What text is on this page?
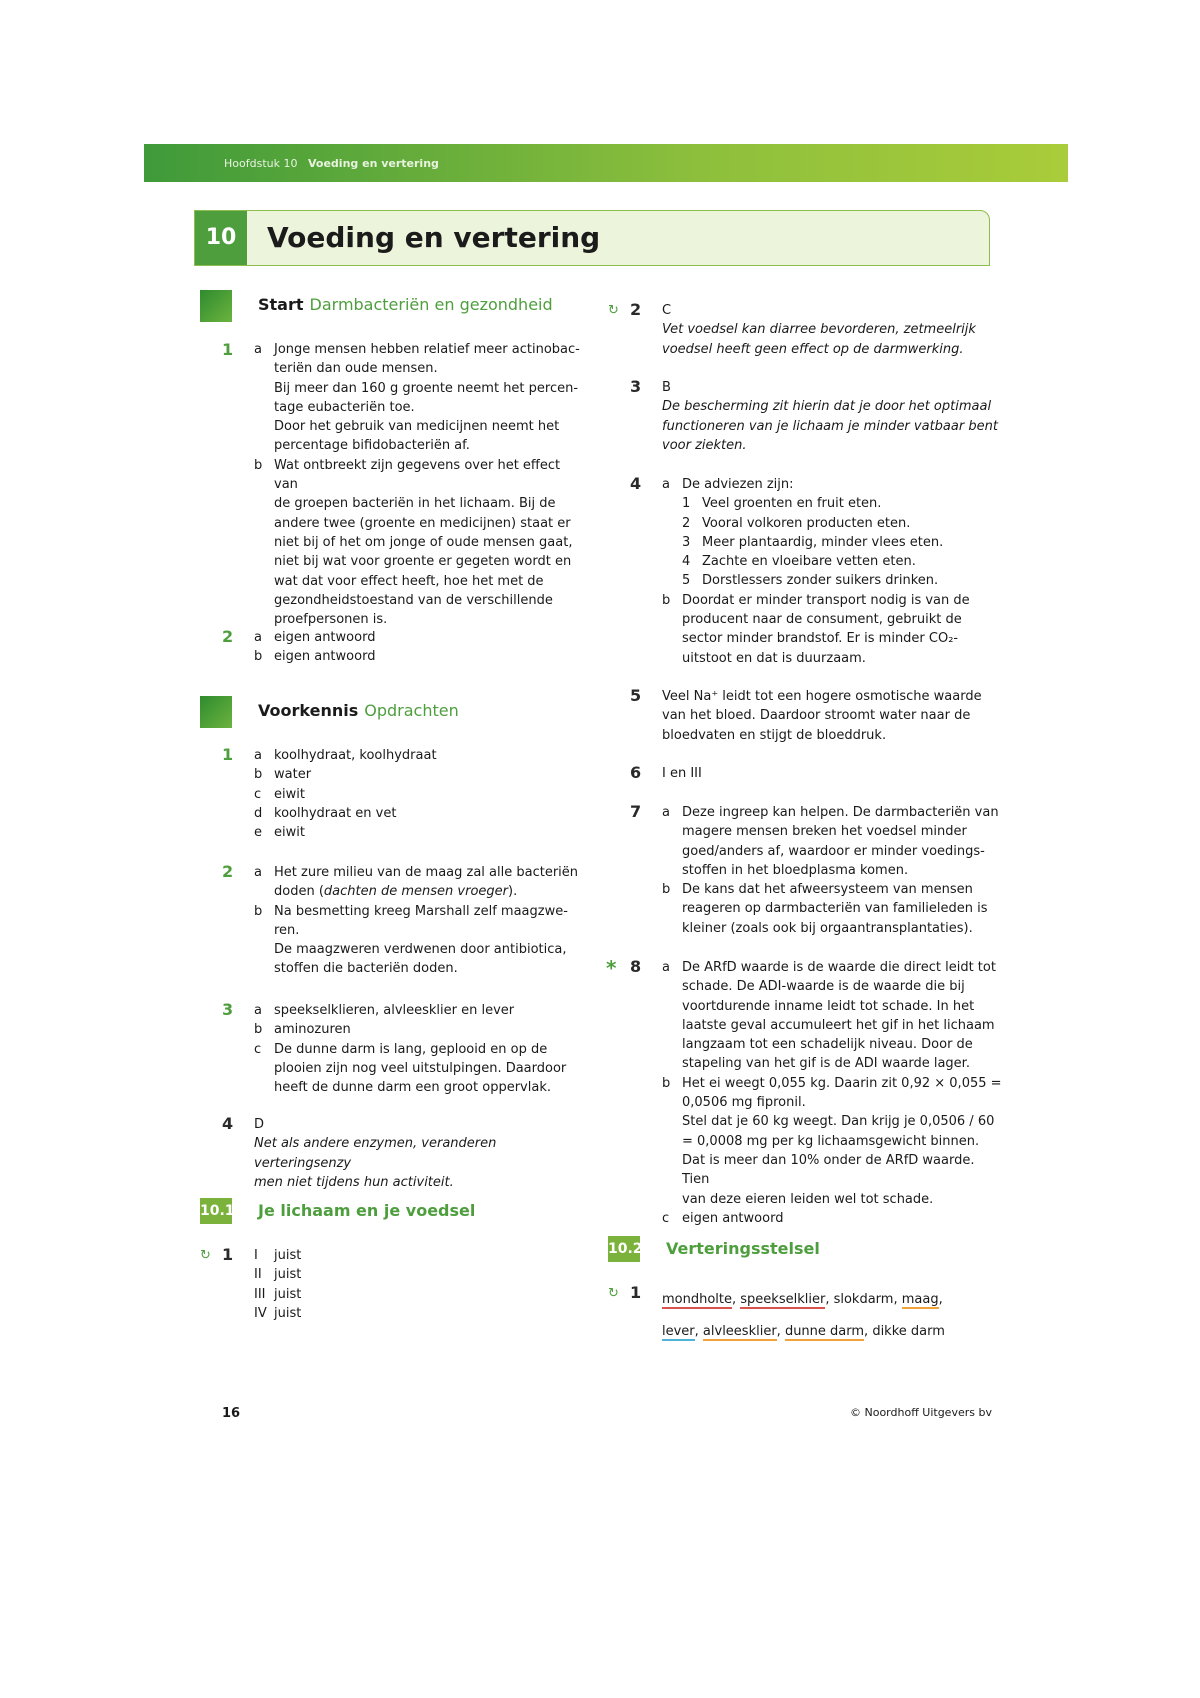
Hoofdstuk 10 Voeding en vertering
10	Voeding en vertering
Start Darmbacteriën en gezondheid
1 a Jonge mensen hebben relatief meer actinobac-
teriën dan oude mensen.
Bij meer dan 160 g groente neemt het percen-
tage eubacteriën toe.
Door het gebruik van medicijnen neemt het
percentage bifidobacteriën af.
b Wat ontbreekt zijn gegevens over het effect van
de groepen bacteriën in het lichaam. Bij de
andere twee (groente en medicijnen) staat er
niet bij of het om jonge of oude mensen gaat,
niet bij wat voor groente er gegeten wordt en
wat dat voor effect heeft, hoe het met de
gezondheidstoestand van de verschillende
proefpersonen is.
2 a eigen antwoord
b eigen antwoord
Voorkennis Opdrachten
1 a koolhydraat, koolhydraat
b water
c eiwit
d koolhydraat en vet
e eiwit
2 a Het zure milieu van de maag zal alle bacteriën
doden (dachten de mensen vroeger).
b Na besmetting kreeg Marshall zelf maagzwe-
ren.
De maagzweren verdwenen door antibiotica,
stoffen die bacteriën doden.
3 a speekselklieren, alvleesklier en lever
b aminozuren
c De dunne darm is lang, geplooid en op de
plooien zijn nog veel uitstulpingen. Daardoor
heeft de dunne darm een groot oppervlak.
4 D
Net als andere enzymen, veranderen verteringsenzy
men niet tijdens hun activiteit.
10.1 Je lichaam en je voedsel
↻ 1 I	juist
II juist
III juist
IV juist
↻ 2 C
Vet voedsel kan diarree bevorderen, zetmeelrijk
voedsel heeft geen effect op de darmwerking.
3 B
De bescherming zit hierin dat je door het optimaal
functioneren van je lichaam je minder vatbaar bent
voor ziekten.
4 a De adviezen zijn:
1 Veel groenten en fruit eten.
2 Vooral volkoren producten eten.
3 Meer plantaardig, minder vlees eten.
4 Zachte en vloeibare vetten eten.
5 Dorstlessers zonder suikers drinken.
b Doordat er minder transport nodig is van de
producent naar de consument, gebruikt de
sector minder brandstof. Er is minder CO₂-
uitstoot en dat is duurzaam.
5 Veel Na⁺ leidt tot een hogere osmotische waarde
van het bloed. Daardoor stroomt water naar de
bloedvaten en stijgt de bloeddruk.
6 I en III
7 a Deze ingreep kan helpen. De darmbacteriën van
magere mensen breken het voedsel minder
goed/anders af, waardoor er minder voedings-
stoffen in het bloedplasma komen.
b De kans dat het afweersysteem van mensen
reageren op darmbacteriën van familieleden is
kleiner (zoals ook bij orgaantransplantaties).
* 8 a De ARfD waarde is de waarde die direct leidt tot
schade. De ADI-waarde is de waarde die bij
voortdurende inname leidt tot schade. In het
laatste geval accumuleert het gif in het lichaam
langzaam tot een schadelijk niveau. Door de
stapeling van het gif is de ADI waarde lager.
b Het ei weegt 0,055 kg. Daarin zit 0,92 × 0,055 =
0,0506 mg fipronil.
Stel dat je 60 kg weegt. Dan krijg je 0,0506 / 60
= 0,0008 mg per kg lichaamsgewicht binnen.
Dat is meer dan 10% onder de ARfD waarde. Tien
van deze eieren leiden wel tot schade.
c eigen antwoord
10.2 Verteringsstelsel
↻ 1 mondholte, speekselklier, slokdarm, maag,
lever, alvleesklier, dunne darm, dikke darm
16	© Noordhoff Uitgevers bv
